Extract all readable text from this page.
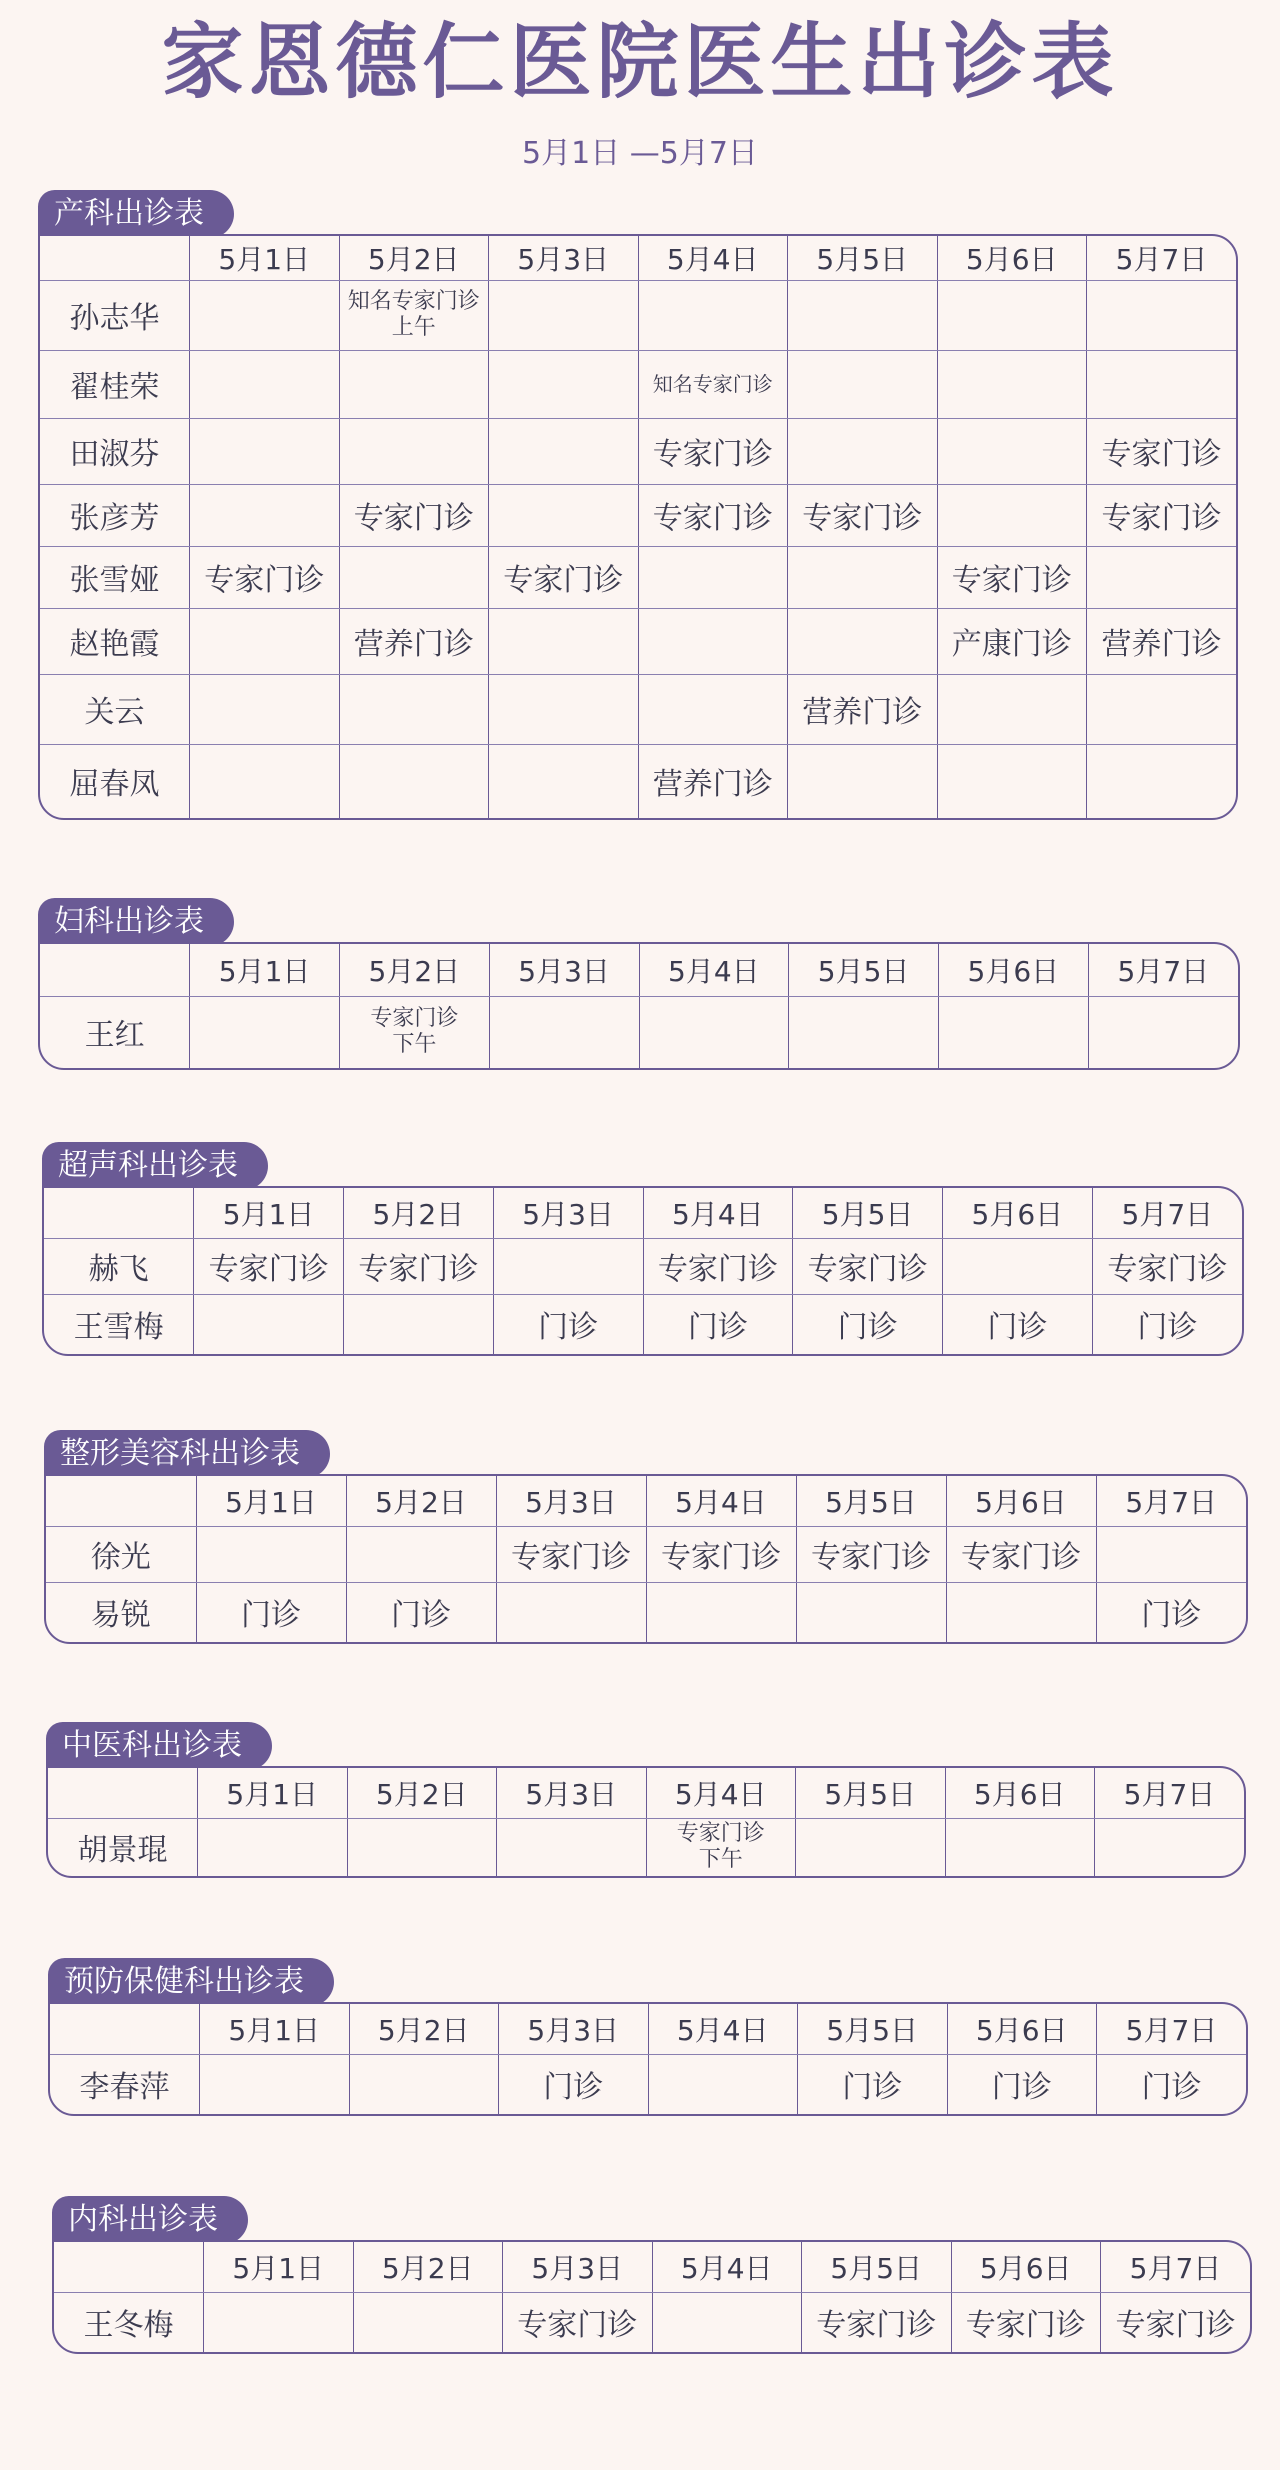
家恩德仁医院医生出诊表
5月1日 —5月7日
产科出诊表
	5月1日	5月2日	5月3日	5月4日	5月5日	5月6日	5月7日
孙志华		知名专家门诊
上午					

翟桂荣				知名专家门诊			
田淑芬				专家门诊			专家门诊
张彦芳		专家门诊		专家门诊	专家门诊		专家门诊
张雪娅	专家门诊		专家门诊			专家门诊	
赵艳霞		营养门诊				产康门诊	营养门诊
关云					营养门诊		
屈春凤				营养门诊			
妇科出诊表
	5月1日	5月2日	5月3日	5月4日	5月5日	5月6日	5月7日
王红		专家门诊
下午					

超声科出诊表
	5月1日	5月2日	5月3日	5月4日	5月5日	5月6日	5月7日
赫飞	专家门诊	专家门诊		专家门诊	专家门诊		专家门诊
王雪梅			门诊	门诊	门诊	门诊	门诊
整形美容科出诊表
	5月1日	5月2日	5月3日	5月4日	5月5日	5月6日	5月7日
徐光			专家门诊	专家门诊	专家门诊	专家门诊	
易锐	门诊	门诊					门诊
中医科出诊表
	5月1日	5月2日	5月3日	5月4日	5月5日	5月6日	5月7日
胡景琨				专家门诊
下午			

预防保健科出诊表
	5月1日	5月2日	5月3日	5月4日	5月5日	5月6日	5月7日
李春萍			门诊		门诊	门诊	门诊
内科出诊表
	5月1日	5月2日	5月3日	5月4日	5月5日	5月6日	5月7日
王冬梅			专家门诊		专家门诊	专家门诊	专家门诊
